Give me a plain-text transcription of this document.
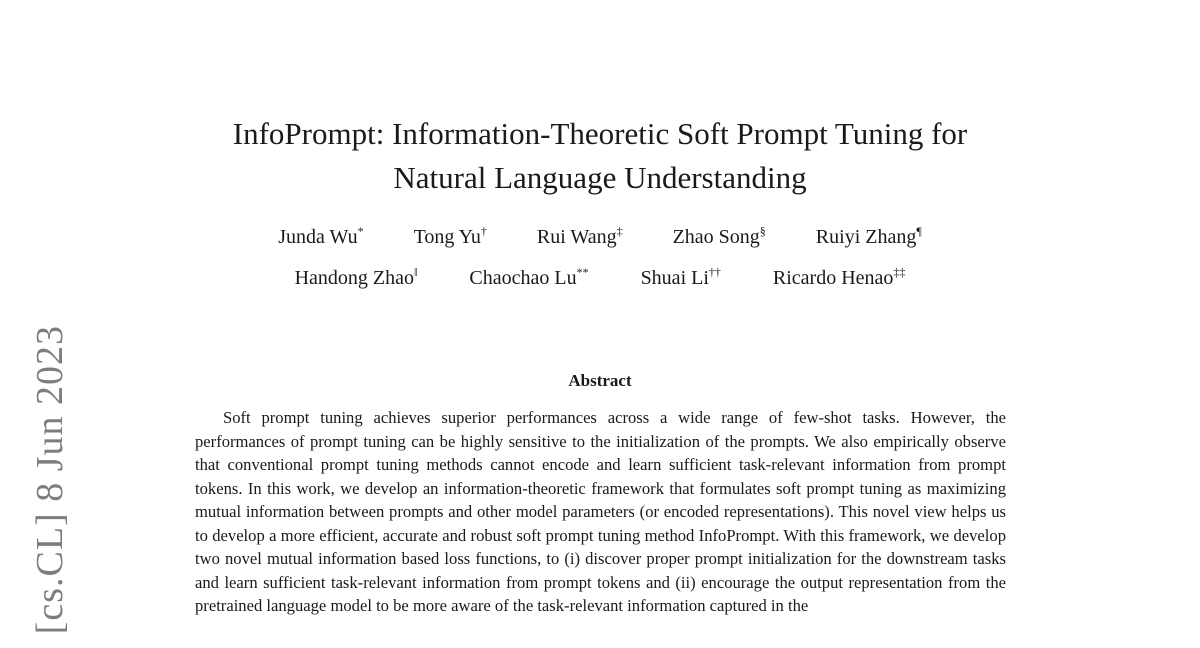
[cs.CL] 8 Jun 2023
InfoPrompt: Information-Theoretic Soft Prompt Tuning for
Natural Language Understanding
Junda Wu*	Tong Yu†	Rui Wang‡	Zhao Song§	Ruiyi Zhang¶
Handong Zhao‖	Chaochao Lu**	Shuai Li††	Ricardo Henao‡‡
Abstract

Soft prompt tuning achieves superior performances across a wide range of few-shot tasks. However, the performances of prompt tuning can be highly sensitive to the initialization of the prompts. We also empirically observe that conventional prompt tuning methods cannot encode and learn sufficient task-relevant information from prompt tokens. In this work, we develop an information-theoretic framework that formulates soft prompt tuning as maximizing mutual information between prompts and other model parameters (or encoded representations). This novel view helps us to develop a more efficient, accurate and robust soft prompt tuning method InfoPrompt. With this framework, we develop two novel mutual information based loss functions, to (i) discover proper prompt initialization for the downstream tasks and learn sufficient task-relevant information from prompt tokens and (ii) encourage the output representation from the pretrained language model to be more aware of the task-relevant information captured in the
